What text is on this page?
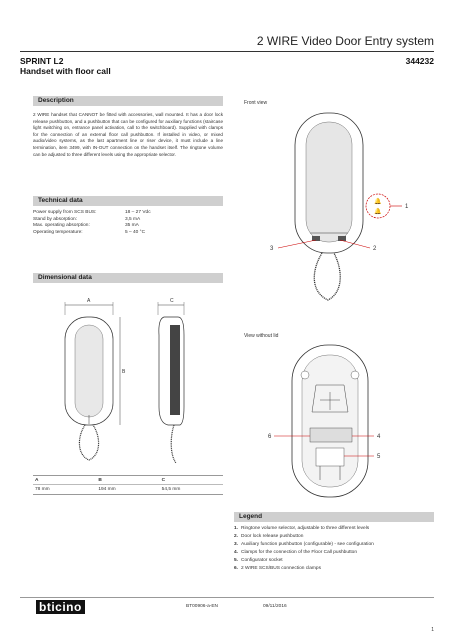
2 WIRE Video Door Entry system
SPRINT L2
Handset with floor call
344232
Description
2 WIRE handset that CANNOT be fitted with accessories, wall mounted. It has a door lock release pushbutton, and a pushbutton that can be configured for auxiliary functions (staircase light switching on, entrance panel activation, call to the switchboard). Supplied with clamps for the connection of an external floor call pushbutton. If installed in video, or mixed audio/video systems, as the last apartment line or riser device, it must include a line termination, item 3499, with IN-OUT connection on the handset itself. The ringtone volume can be adjusted to three different levels using the appropriate selector.
Technical data
Power supply from SCS BUS:	18 – 27 Vdc
Stand by absorption:	3,5 mA
Max. operating absorption:	35 mA
Operating temperature:	5 – 40 °C
Dimensional data
A
B
C
A	B	C
78 mm	194 mm	54,5 mm
Front view
🔔
🔔
1
2
3
View without lid
6	4
5
Legend
1. Ringtone volume selector, adjustable to three different levels
2. Door lock release pushbutton
3. Auxiliary function pushbutton (configurable) - see configuration
4. Clamps for the connection of the Floor Call pushbutton
5. Configurator socket
6. 2 WIRE SCS/BUS connection clamps
bticino	BT00906-a-EN	09/11/2016
1
